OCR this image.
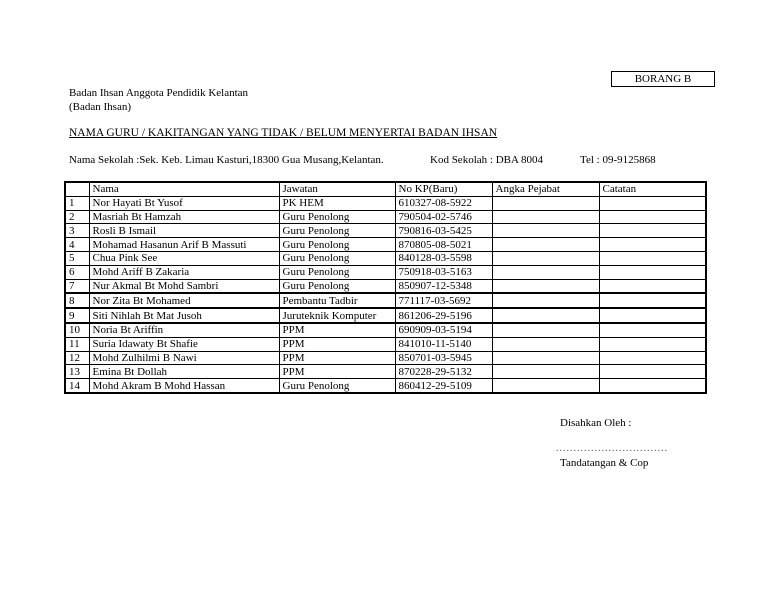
BORANG B
Badan Ihsan Anggota Pendidik Kelantan
(Badan Ihsan)
NAMA GURU / KAKITANGAN YANG TIDAK / BELUM MENYERTAI BADAN IHSAN
Nama Sekolah :Sek. Keb. Limau Kasturi,18300 Gua Musang,Kelantan.	Kod Sekolah : DBA 8004	Tel : 09-9125868
	Nama	Jawatan	No KP(Baru)	Angka Pejabat	Catatan
1	Nor Hayati Bt Yusof	PK HEM	610327-08-5922		
2	Masriah Bt Hamzah	Guru Penolong	790504-02-5746		
3	Rosli B Ismail	Guru Penolong	790816-03-5425		
4	Mohamad Hasanun Arif B Massuti	Guru Penolong	870805-08-5021		
5	Chua Pink See	Guru Penolong	840128-03-5598		
6	Mohd Ariff B Zakaria	Guru Penolong	750918-03-5163		
7	Nur Akmal Bt Mohd Sambri	Guru Penolong	850907-12-5348		
8	Nor Zita Bt Mohamed	Pembantu Tadbir	771117-03-5692		
9	Siti Nihlah Bt Mat Jusoh	Juruteknik Komputer	861206-29-5196		
10	Noria Bt Ariffin	PPM	690909-03-5194		
11	Suria Idawaty Bt Shafie	PPM	841010-11-5140		
12	Mohd Zulhilmi B Nawi	PPM	850701-03-5945		
13	Emina Bt Dollah	PPM	870228-29-5132		
14	Mohd Akram B Mohd Hassan	Guru Penolong	860412-29-5109		
Disahkan Oleh :
................................
Tandatangan & Cop
